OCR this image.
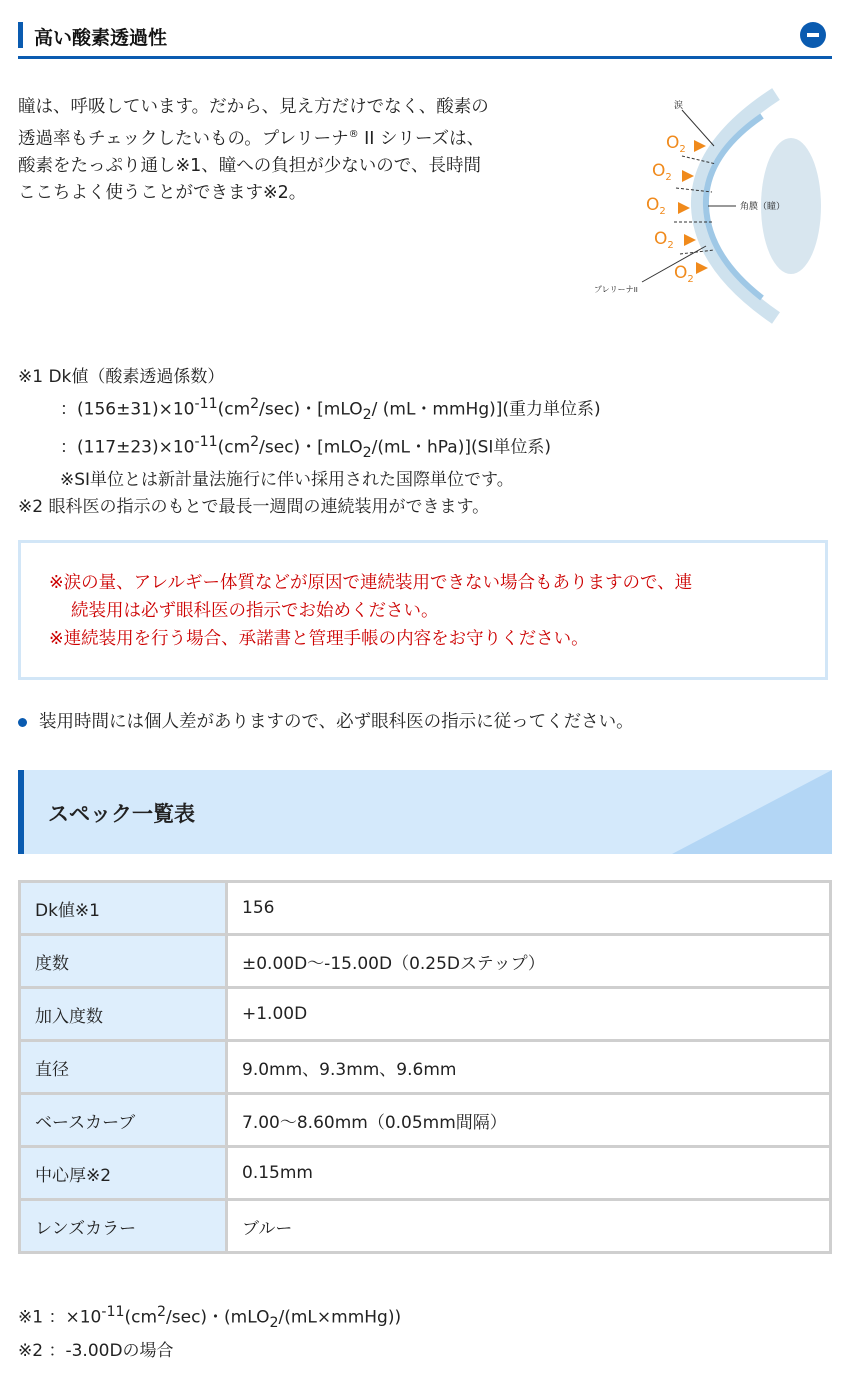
高い酸素透過性
瞳は、呼吸しています。だから、見え方だけでなく、酸素の
透過率もチェックしたいもの。プレリーナ® II シリーズは、
酸素をたっぷり通し※1、瞳への負担が少ないので、長時間
ここちよく使うことができます※2。
$O_2$
$O_2$
$O_2$
$O_2$
$O_2$
涙
角膜（瞳）
プレリーナII
※1 Dk値（酸素透過係数）
：$(156\pm 31)\times 10^{-11}(cm^2/\sec)$・[mLO$_2$/ (mL・mmHg)](重力単位系)
：$(117\pm 23)\times 10^{-11}(cm^2/\sec)$・[mLO$_2$/(mL・hPa)](SI単位系)
※SI単位とは新計量法施行に伴い採用された国際単位です。
※2 眼科医の指示のもとで最長一週間の連続装用ができます。
※涙の量、アレルギー体質などが原因で連続装用できない場合もありますので、連
続装用は必ず眼科医の指示でお始めください。
※連続装用を行う場合、承諾書と管理手帳の内容をお守りください。
装用時間には個人差がありますので、必ず眼科医の指示に従ってください。
スペック一覧表
Dk値※1	156
度数	±0.00D〜-15.00D（0.25Dステップ）
加入度数	+1.00D
直径	9.0mm、9.3mm、9.6mm
ベースカーブ	7.00〜8.60mm（0.05mm間隔）
中心厚※2	0.15mm
レンズカラー	ブルー
※1 ：$\times 10^{-11}(cm^2/\sec)$・(mLO$_2$/(mL×mmHg))
※2 ：-3.00Dの場合
